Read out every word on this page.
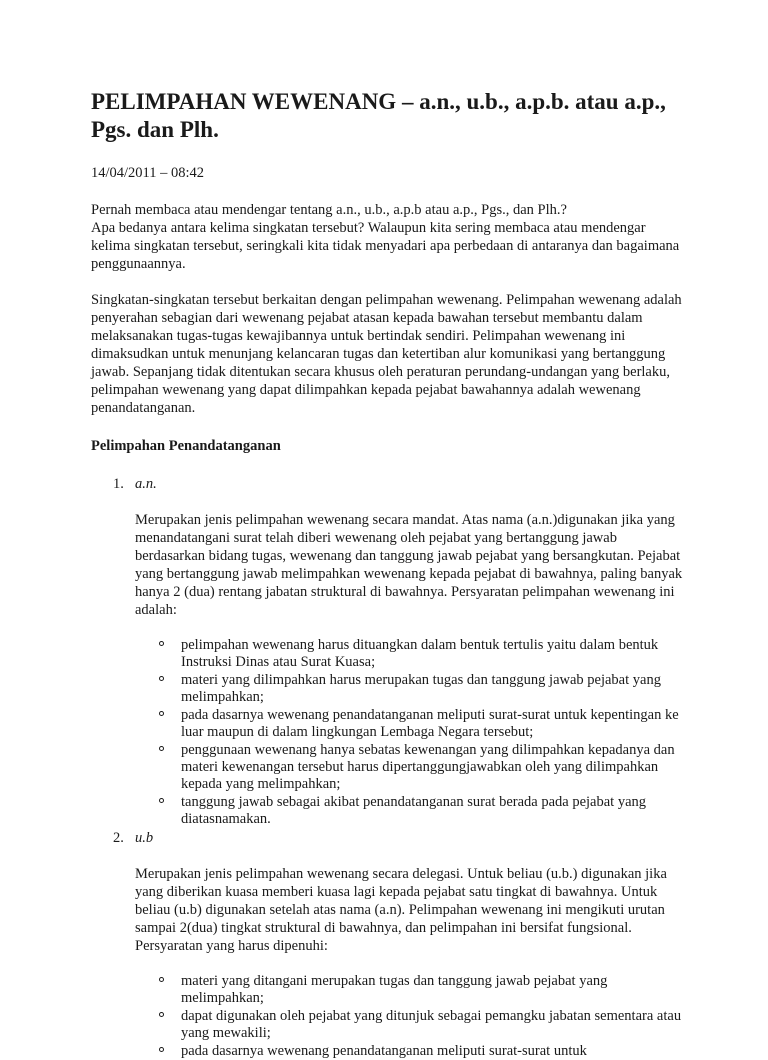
PELIMPAHAN WEWENANG – a.n., u.b., a.p.b. atau a.p., Pgs. dan Plh.
14/04/2011 – 08:42

Pernah membaca atau mendengar tentang a.n., u.b., a.p.b atau a.p., Pgs., dan Plh.?
Apa bedanya antara kelima singkatan tersebut? Walaupun kita sering membaca atau mendengar kelima singkatan tersebut, seringkali kita tidak menyadari apa perbedaan di antaranya dan bagaimana penggunaannya.

Singkatan-singkatan tersebut berkaitan dengan pelimpahan wewenang. Pelimpahan wewenang adalah penyerahan sebagian dari wewenang pejabat atasan kepada bawahan tersebut membantu dalam melaksanakan tugas-tugas kewajibannya untuk bertindak sendiri. Pelimpahan wewenang ini dimaksudkan untuk menunjang kelancaran tugas dan ketertiban alur komunikasi yang bertanggung jawab. Sepanjang tidak ditentukan secara khusus oleh peraturan perundang-undangan yang berlaku, pelimpahan wewenang yang dapat dilimpahkan kepada pejabat bawahannya adalah wewenang penandatanganan.

Pelimpahan Penandatanganan
1. a.n.

Merupakan jenis pelimpahan wewenang secara mandat. Atas nama (a.n.)digunakan jika yang menandatangani surat telah diberi wewenang oleh pejabat yang bertanggung jawab berdasarkan bidang tugas, wewenang dan tanggung jawab pejabat yang bersangkutan. Pejabat yang bertanggung jawab melimpahkan wewenang kepada pejabat di bawahnya, paling banyak hanya 2 (dua) rentang jabatan struktural di bawahnya. Persyaratan pelimpahan wewenang ini adalah:

pelimpahan wewenang harus dituangkan dalam bentuk tertulis yaitu dalam bentuk Instruksi Dinas atau Surat Kuasa;
materi yang dilimpahkan harus merupakan tugas dan tanggung jawab pejabat yang melimpahkan;
pada dasarnya wewenang penandatanganan meliputi surat-surat untuk kepentingan ke luar maupun di dalam lingkungan Lembaga Negara tersebut;
penggunaan wewenang hanya sebatas kewenangan yang dilimpahkan kepadanya dan materi kewenangan tersebut harus dipertanggungjawabkan oleh yang dilimpahkan kepada yang melimpahkan;
tanggung jawab sebagai akibat penandatanganan surat berada pada pejabat yang diatasnamakan.
2. u.b

Merupakan jenis pelimpahan wewenang secara delegasi. Untuk beliau (u.b.) digunakan jika yang diberikan kuasa memberi kuasa lagi kepada pejabat satu tingkat di bawahnya. Untuk beliau (u.b) digunakan setelah atas nama (a.n). Pelimpahan wewenang ini mengikuti urutan sampai 2(dua) tingkat struktural di bawahnya, dan pelimpahan ini bersifat fungsional. Persyaratan yang harus dipenuhi:

materi yang ditangani merupakan tugas dan tanggung jawab pejabat yang melimpahkan;
dapat digunakan oleh pejabat yang ditunjuk sebagai pemangku jabatan sementara atau yang mewakili;
pada dasarnya wewenang penandatanganan meliputi surat-surat untuk
